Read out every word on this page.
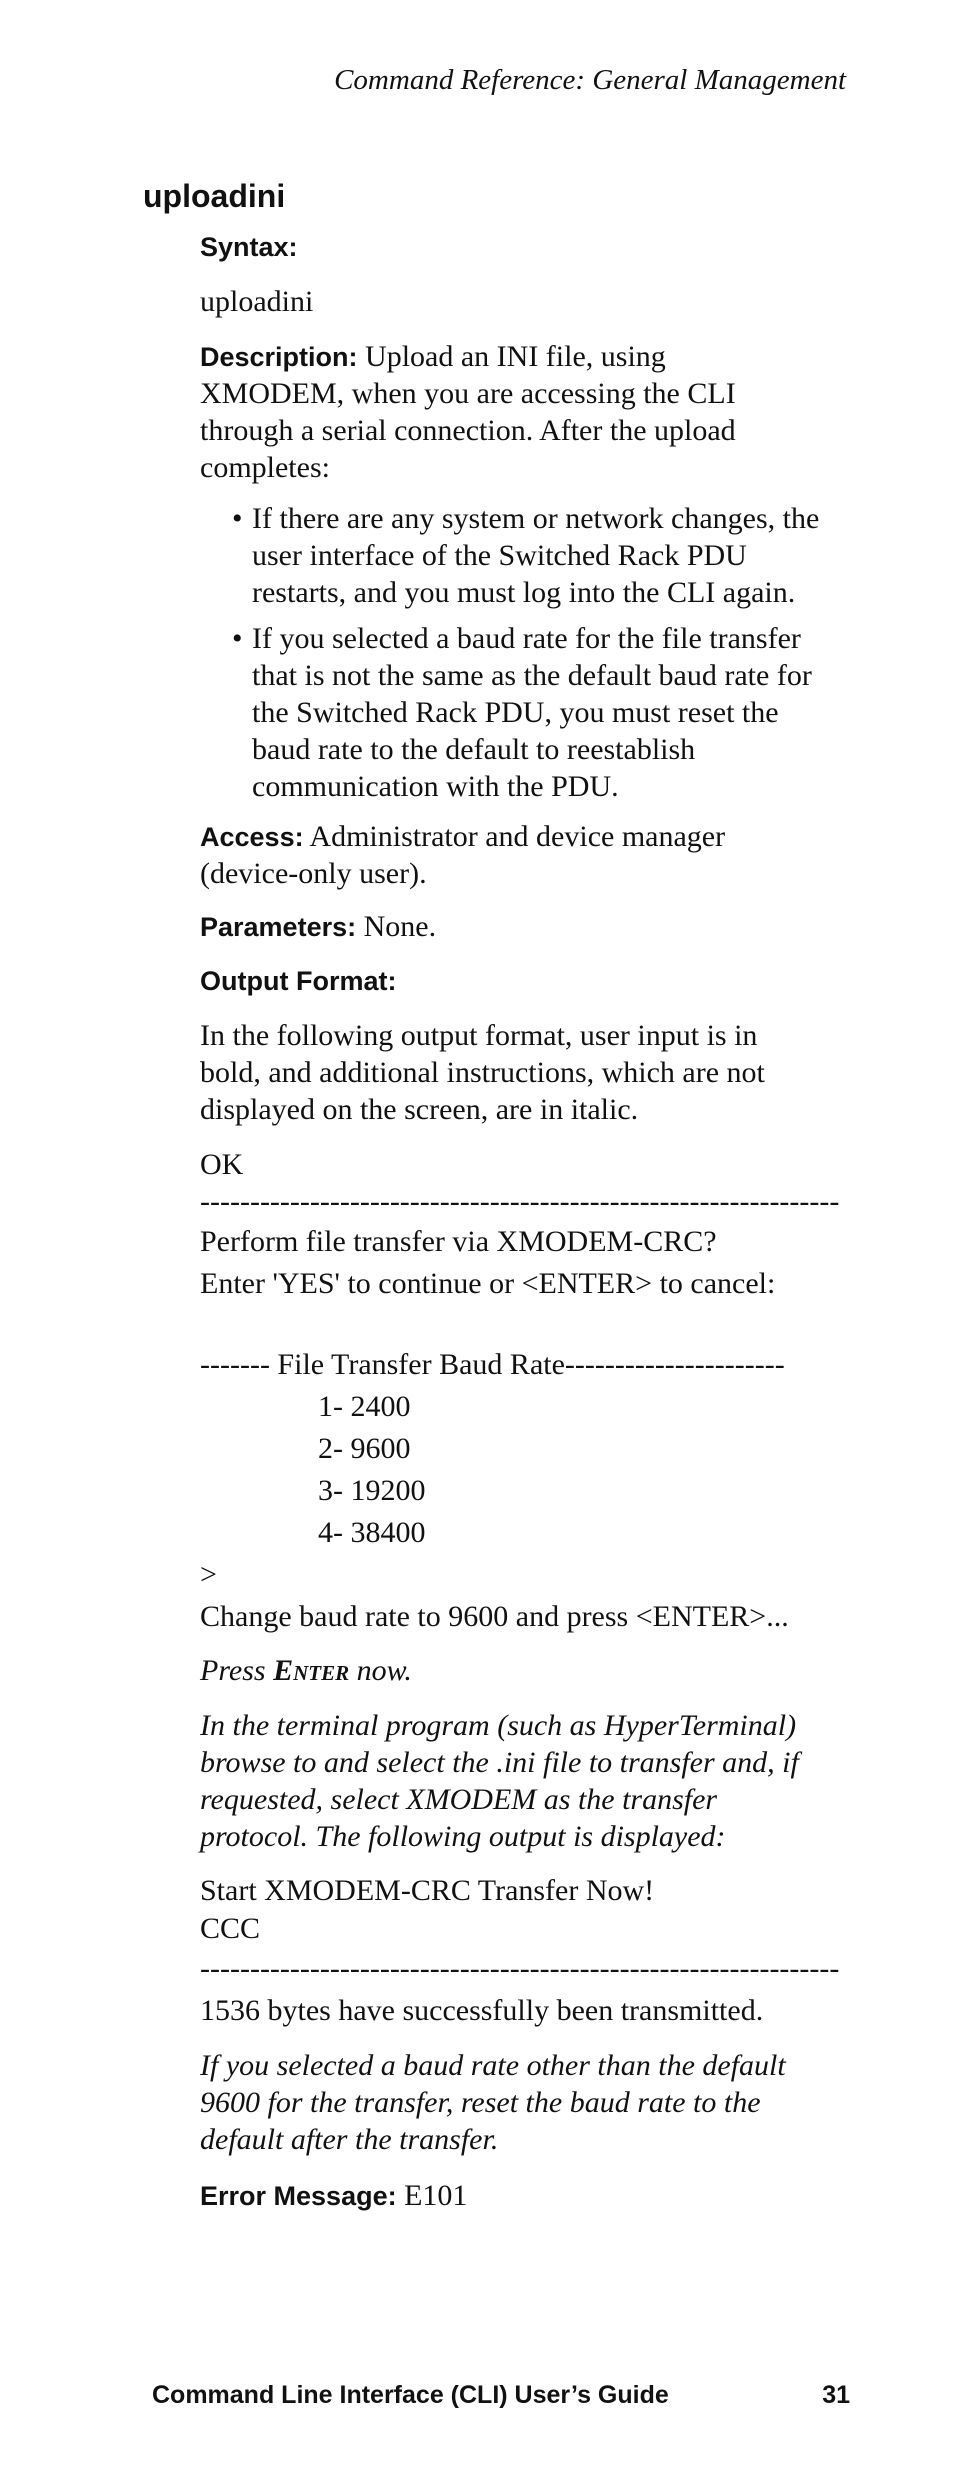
Command Reference: General Management
uploadini
Syntax:
uploadini
Description: Upload an INI file, using
XMODEM, when you are accessing the CLI
through a serial connection. After the upload
completes:
• If there are any system or network changes, the
user interface of the Switched Rack PDU
restarts, and you must log into the CLI again.
• If you selected a baud rate for the file transfer
that is not the same as the default baud rate for
the Switched Rack PDU, you must reset the
baud rate to the default to reestablish
communication with the PDU.
Access: Administrator and device manager
(device-only user).
Parameters: None.
Output Format:
In the following output format, user input is in
bold, and additional instructions, which are not
displayed on the screen, are in italic.
OK
----------------------------------------------------------------
Perform file transfer via XMODEM-CRC?
Enter 'YES' to continue or <ENTER> to cancel:
------- File Transfer Baud Rate----------------------
1- 2400
2- 9600
3- 19200
4- 38400
>
Change baud rate to 9600 and press <ENTER>...
Press Enter now.
In the terminal program (such as HyperTerminal)
browse to and select the .ini file to transfer and, if
requested, select XMODEM as the transfer
protocol. The following output is displayed:
Start XMODEM-CRC Transfer Now!
CCC
----------------------------------------------------------------
1536 bytes have successfully been transmitted.
If you selected a baud rate other than the default
9600 for the transfer, reset the baud rate to the
default after the transfer.
Error Message: E101
Command Line Interface (CLI) User’s Guide	31
